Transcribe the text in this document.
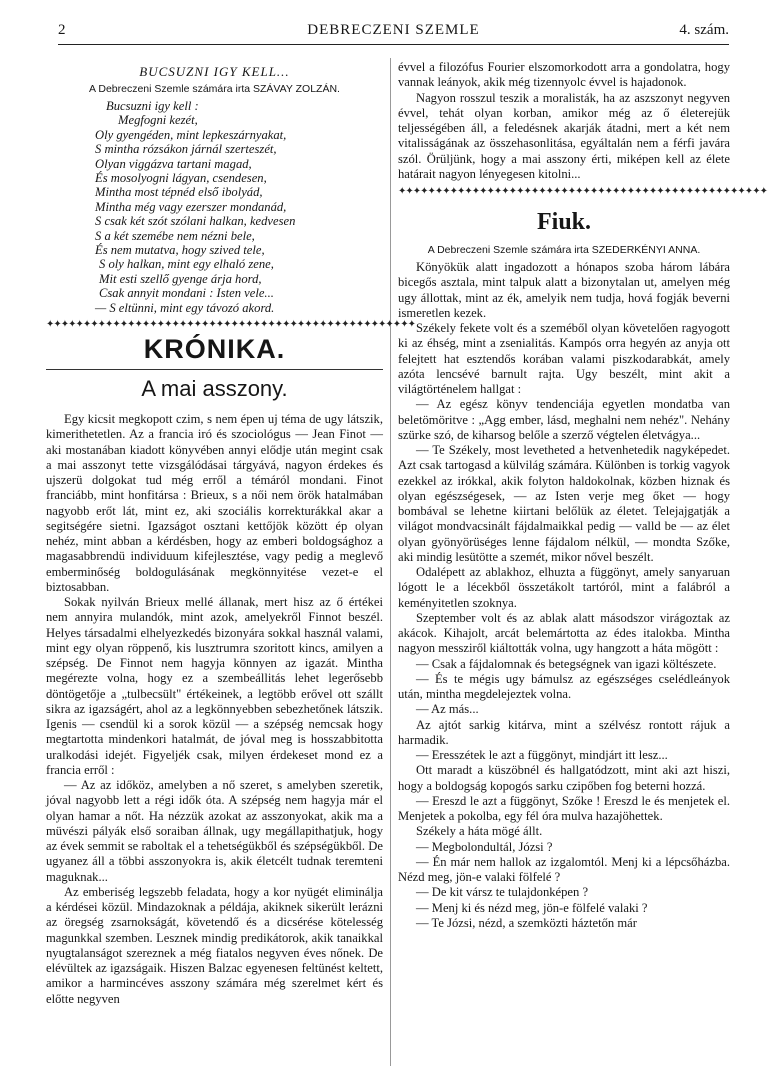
2	DEBRECZENI SZEMLE	4. szám.
BUCSUZNI IGY KELL...
A Debreczeni Szemle számára irta SZÁVAY ZOLZÁN.
Bucsuzni igy kell :
Megfogni kezét,
Oly gyengéden, mint lepkeszárnyakat,
S mintha rózsákon járnál szerteszét,
Olyan viggázva tartani magad,
És mosolyogni lágyan, csendesen,
Mintha most tépnéd első ibolyád,
Mintha még vagy ezerszer mondanád,
S csak két szót szólani halkan, kedvesen
S a két szemébe nem nézni bele,
És nem mutatva, hogy szived tele,
S oly halkan, mint egy elhaló zene,
Mit esti szellő gyenge árja hord,
Csak annyit mondani : Isten vele...
— S eltünni, mint egy távozó akord.
✦✦✦✦✦✦✦✦✦✦✦✦✦✦✦✦✦✦✦✦✦✦✦✦✦✦✦✦✦✦✦✦✦✦✦✦✦✦✦✦✦✦✦✦✦✦✦✦✦✦
KRÓNIKA.
A mai asszony.

Egy kicsit megkopott czim, s nem épen uj téma de ugy látszik, kimerithetetlen. Az a francia iró és szociológus — Jean Finot — aki mostanában kiadott könyvében annyi elődje után megint csak a mai asszonyt tette vizsgálódásai tárgyává, nagyon érdekes és ujszerü dolgokat tud még erről a témáról mondani. Finot franciább, mint honfitársa : Brieux, s a női nem örök hatalmában nagyobb erőt lát, mint ez, aki szociális korrekturákkal akar a segitségére sietni. Igazságot osztani kettőjök között ép olyan nehéz, mint abban a kérdésben, hogy az emberi boldogsághoz a magasabbrendü individuum kifejlesztése, vagy pedig a meglevő emberminőség boldogulásának megkönnyitése vezet-e el biztosabban.

Sokak nyilván Brieux mellé állanak, mert hisz az ő értékei nem annyira mulandók, mint azok, amelyekről Finnot beszél. Helyes társadalmi elhelyezkedés bizonyára sokkal használ valami, mint egy olyan röppenő, kis lusztrumra szoritott kincs, amilyen a szépség. De Finnot nem hagyja könnyen az igazát. Mintha megérezte volna, hogy ez a szembeállitás lehet legerősebb döntögetője a „tulbecsült" értékeinek, a legtöbb erővel ott szállt sikra az igazságért, ahol az a legkönnyebben sebezhetőnek látszik. Igenis — csendül ki a sorok közül — a szépség nemcsak hogy megtartotta mindenkori hatalmát, de jóval meg is hosszabbitotta uralkodási idejét. Figyeljék csak, milyen érdekeset mond ez a francia erről :

— Az az időköz, amelyben a nő szeret, s amelyben szeretik, jóval nagyobb lett a régi idők óta. A szépség nem hagyja már el olyan hamar a nőt. Ha nézzük azokat az asszonyokat, akik ma a müvészi pályák első soraiban állnak, ugy megállapithatjuk, hogy az évek semmit se raboltak el a tehetségükből és szépségükből. De ugyanez áll a többi asszonyokra is, akik életcélt tudnak teremteni maguknak...

Az emberiség legszebb feladata, hogy a kor nyügét eliminálja a kérdései közül. Mindazoknak a példája, akiknek sikerült lerázni az öregség zsarnokságát, követendő és a dicsérése kötelesség magunkkal szemben. Lesznek mindig predikátorok, akik tanaikkal nyugtalanságot szereznek a még fiatalos negyven éves nőnek. De elévültek az igazságaik. Hiszen Balzac egyenesen feltünést keltett, amikor a harmincéves asszony számára még szerelmet kért és előtte negyven

évvel a filozófus Fourier elszomorkodott arra a gondolatra, hogy vannak leányok, akik még tizennyolc évvel is hajadonok.

Nagyon rosszul teszik a moralisták, ha az aszszonyt negyven évvel, tehát olyan korban, amikor még az ő életerejük teljességében áll, a feledésnek akarják átadni, mert a két nem vitalisságának az összehasonlitása, egyáltalán nem a férfi javára szól. Örüljünk, hogy a mai asszony érti, miképen kell az élete határait nagyon lényegesen kitolni...

✦✦✦✦✦✦✦✦✦✦✦✦✦✦✦✦✦✦✦✦✦✦✦✦✦✦✦✦✦✦✦✦✦✦✦✦✦✦✦✦✦✦✦✦✦✦✦✦✦✦
Fiuk.
A Debreczeni Szemle számára irta SZEDERKÉNYI ANNA.

Könyökük alatt ingadozott a hónapos szoba három lábára bicegős asztala, mint talpuk alatt a bizonytalan ut, amelyen még ugy állottak, mint az ék, amelyik nem tudja, hová fogják beverni ismeretlen kezek.

Székely fekete volt és a szeméből olyan követelően ragyogott ki az éhség, mint a zsenialitás. Kampós orra hegyén az anyja ott felejtett hat esztendős korában valami piszkodarabkát, amely azóta lencsévé barnult rajta. Ugy beszélt, mint akit a világtörténelem hallgat :

— Az egész könyv tendenciája egyetlen mondatba van beletömöritve : „Agg ember, lásd, meghalni nem nehéz". Nehány szürke szó, de kiharsog belőle a szerző végtelen életvágya...

— Te Székely, most levetheted a hetvenhetedik nagyképedet. Azt csak tartogasd a külvilág számára. Különben is torkig vagyok ezekkel az irókkal, akik folyton haldokolnak, közben hiznak és olyan egészségesek, — az Isten verje meg őket — hogy bombával se lehetne kiirtani belőlük az életet. Telejajgatják a világot mondvacsinált fájdalmaikkal pedig — valld be — az élet olyan gyönyörüséges lenne fájdalom nélkül, — mondta Szőke, aki mindig lesütötte a szemét, mikor nővel beszélt.

Odalépett az ablakhoz, elhuzta a függönyt, amely sanyaruan lógott le a lécekből összetákolt tartóról, mint a falábról a keményitetlen szoknya.

Szeptember volt és az ablak alatt másodszor virágoztak az akácok. Kihajolt, arcát belemártotta az édes italokba. Mintha nagyon messziről kiáltották volna, ugy hangzott a háta mögött :

— Csak a fájdalomnak és betegségnek van igazi költészete.

— És te mégis ugy bámulsz az egészséges cselédleányok után, mintha megdelejeztek volna.

— Az más...

Az ajtót sarkig kitárva, mint a szélvész rontott rájuk a harmadik.

— Eresszétek le azt a függönyt, mindjárt itt lesz...

Ott maradt a küszöbnél és hallgatódzott, mint aki azt hiszi, hogy a boldogság kopogós sarku czipőben fog beterni hozzá.

— Ereszd le azt a függönyt, Szőke ! Ereszd le és menjetek el. Menjetek a pokolba, egy fél óra mulva hazajöhettek.

Székely a háta mögé állt.

— Megbolondultál, Józsi ?

— Én már nem hallok az izgalomtól. Menj ki a lépcsőházba. Nézd meg, jön-e valaki fölfelé ?

— De kit vársz te tulajdonképen ?

— Menj ki és nézd meg, jön-e fölfelé valaki ?

— Te Józsi, nézd, a szemközti háztetőn már
